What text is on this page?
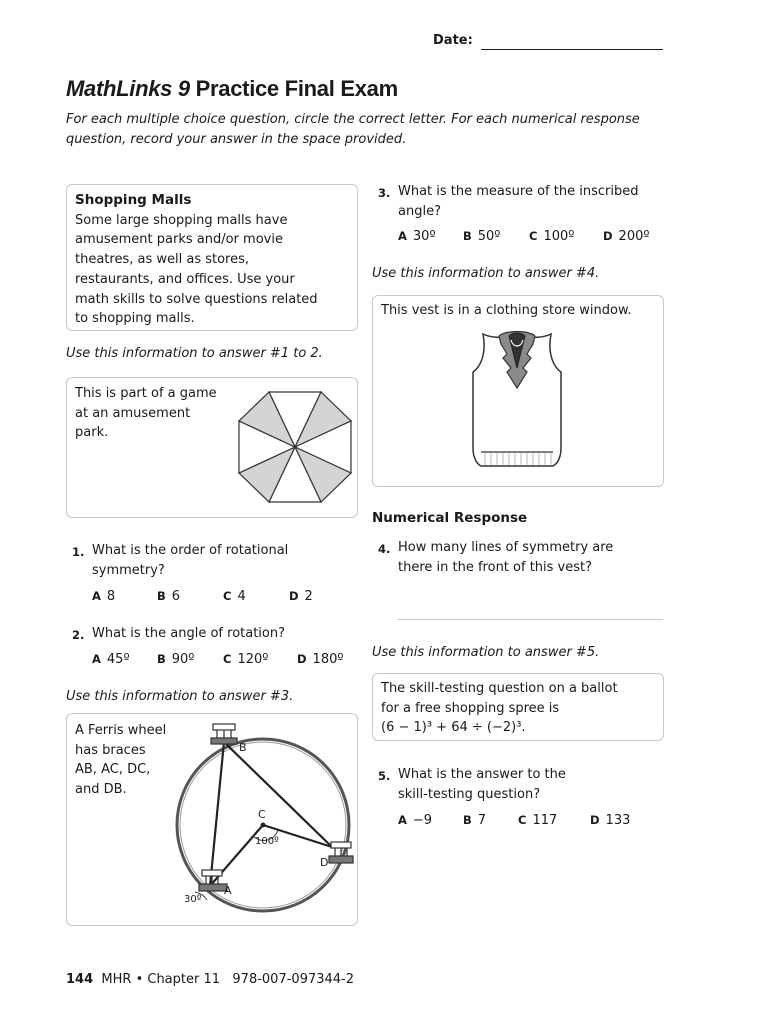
Date:
MathLinks 9 Practice Final Exam
For each multiple choice question, circle the correct letter. For each numerical response question, record your answer in the space provided.
Shopping Malls
Some large shopping malls have
amusement parks and/or movie
theatres, as well as stores,
restaurants, and offices. Use your
math skills to solve questions related
to shopping malls.
Use this information to answer #1 to 2.
This is part of a game
at an amusement
park.
1. What is the order of rotational
symmetry?
A 8	B 6	C 4	D 2
2. What is the angle of rotation?
A 45º B 90º C 120º D 180º
Use this information to answer #3.
A Ferris wheel
has braces
AB, AC, DC,
and DB.
B
C
D
A
100º
30º
3. What is the measure of the inscribed
angle?
A 30º B 50º C 100º D 200º
Use this information to answer #4.
This vest is in a clothing store window.
Numerical Response
4. How many lines of symmetry are
there in the front of this vest?
Use this information to answer #5.
The skill-testing question on a ballot
for a free shopping spree is
(6 − 1)³ + 64 ÷ (−2)³.
5. What is the answer to the
skill-testing question?
A −9	B 7	C 117	D 133
144 MHR • Chapter 11   978-007-097344-2
